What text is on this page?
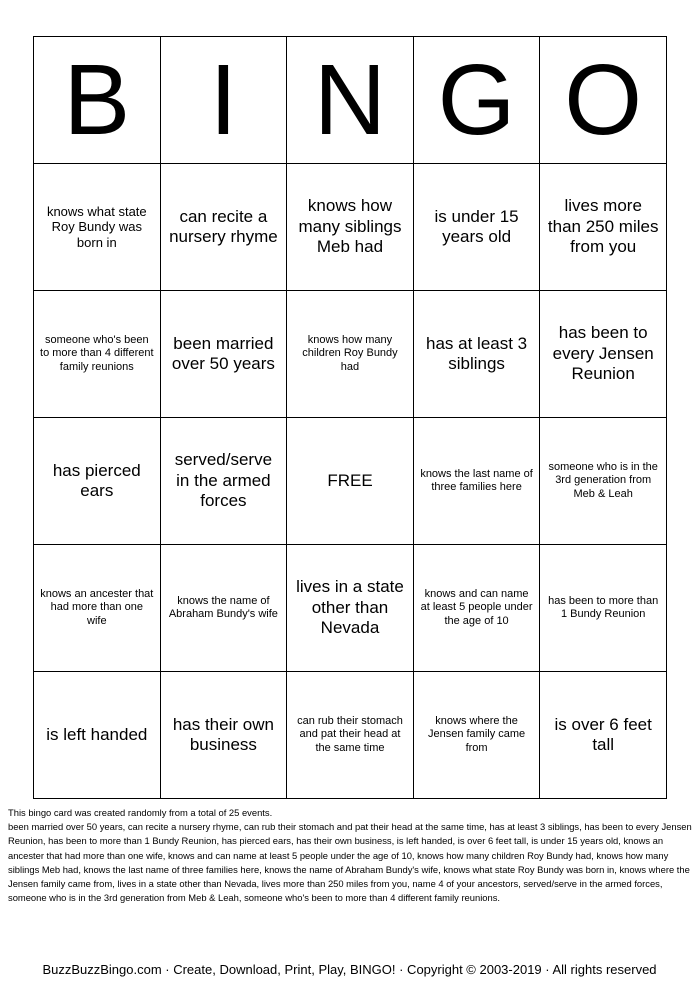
B	I	N	G	O
knows what state Roy Bundy was born in	can recite a nursery rhyme	knows how many siblings Meb had	is under 15 years old	lives more than 250 miles from you
someone who's been to more than 4 different family reunions	been married over 50 years	knows how many children Roy Bundy had	has at least 3 siblings	has been to every Jensen Reunion
has pierced ears	served/serve in the armed forces	FREE	knows the last name of three families here	someone who is in the 3rd generation from Meb & Leah
knows an ancester that had more than one wife	knows the name of Abraham Bundy's wife	lives in a state other than Nevada	knows and can name at least 5 people under the age of 10	has been to more than 1 Bundy Reunion
is left handed	has their own business	can rub their stomach and pat their head at the same time	knows where the Jensen family came from	is over 6 feet tall

This bingo card was created randomly from a total of 25 events.

been married over 50 years, can recite a nursery rhyme, can rub their stomach and pat their head at the same time, has at least 3 siblings, has been to every Jensen Reunion, has been to more than 1 Bundy Reunion, has pierced ears, has their own business, is left handed, is over 6 feet tall, is under 15 years old, knows an ancester that had more than one wife, knows and can name at least 5 people under the age of 10, knows how many children Roy Bundy had, knows how many siblings Meb had, knows the last name of three families here, knows the name of Abraham Bundy's wife, knows what state Roy Bundy was born in, knows where the Jensen family came from, lives in a state other than Nevada, lives more than 250 miles from you, name 4 of your ancestors, served/serve in the armed forces, someone who is in the 3rd generation from Meb & Leah, someone who's been to more than 4 different family reunions.

BuzzBuzzBingo.com · Create, Download, Print, Play, BINGO! · Copyright © 2003-2019 · All rights reserved
